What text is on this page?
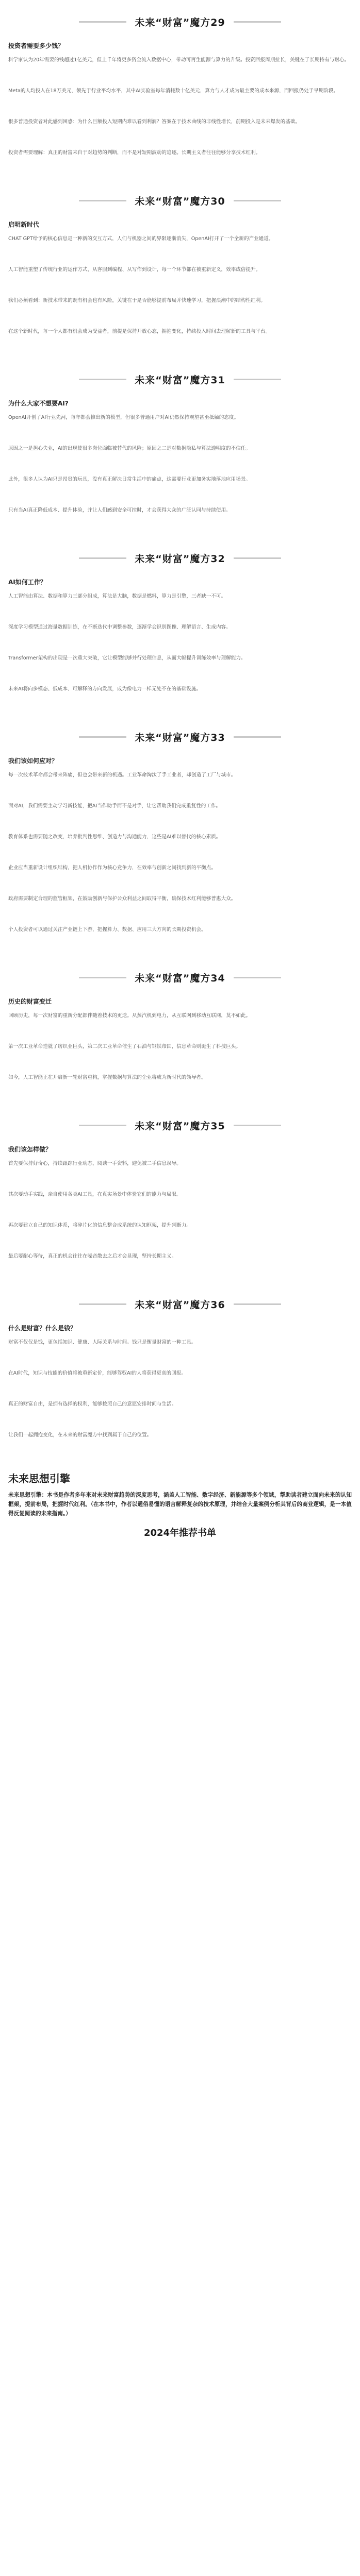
未来“财富”魔方29
投资者需要多少钱？

科学家认为20年需要的钱超过1亿美元，但上千年将更多资金流入数据中心，带动可再生能源与算力的升级。投资回报周期拉长，关键在于长期持有与耐心。

Meta的人均投入在18万美元，领先于行业平均水平，其中AI实验室每年消耗数十亿美元，算力与人才成为最主要的成本来源，而回报仍处于早期阶段。

很多普通投资者对此感到困惑：为什么巨额投入短期内难以看到利润？答案在于技术曲线的非线性增长，前期投入是未来爆发的基础。

投资者需要理解：真正的财富来自于对趋势的判断，而不是对短期波动的追逐。长期主义者往往能够分享技术红利。

未来“财富”魔方30
启明新时代

CHAT GPT给予的核心信息是一种新的交互方式，人们与机器之间的界限逐渐消失，OpenAI打开了一个全新的产业通道。

人工智能重塑了传统行业的运作方式，从客服到编程、从写作到设计，每一个环节都在被重新定义，效率成倍提升。

我们必须看到：新技术带来的既有机会也有风险，关键在于是否能够提前布局并快速学习，把握浪潮中的结构性红利。

在这个新时代，每一个人都有机会成为受益者，前提是保持开放心态，拥抱变化，持续投入时间去理解新的工具与平台。

未来“财富”魔方31
为什么大家不想要AI?

OpenAI开创了AI行业先河，每年都会推出新的模型，但很多普通用户对AI仍然保持观望甚至抵触的态度。

原因之一是担心失业，AI的出现使很多岗位面临被替代的风险；原因之二是对数据隐私与算法透明度的不信任。

此外，很多人认为AI只是昂贵的玩具，没有真正解决日常生活中的痛点，这需要行业更加务实地落地应用场景。

只有当AI真正降低成本、提升体验，并让人们感到安全可控时，才会获得大众的广泛认同与持续使用。

未来“财富”魔方32
AI如何工作？

人工智能由算法、数据和算力三部分组成，算法是大脑，数据是燃料，算力是引擎，三者缺一不可。

深度学习模型通过海量数据训练，在不断迭代中调整参数，逐渐学会识别图像、理解语言、生成内容。

Transformer架构的出现是一次重大突破，它让模型能够并行处理信息，从而大幅提升训练效率与理解能力。

未来AI将向多模态、低成本、可解释的方向发展，成为像电力一样无处不在的基础设施。

未来“财富”魔方33
我们该如何应对？

每一次技术革命都会带来阵痛，但也会带来新的机遇。工业革命淘汰了手工业者，却创造了工厂与城市。

面对AI，我们需要主动学习新技能，把AI当作助手而不是对手，让它帮助我们完成重复性的工作。

教育体系也需要随之改变，培养批判性思维、创造力与沟通能力，这些是AI难以替代的核心素质。

企业应当重新设计组织结构，把人机协作作为核心竞争力，在效率与创新之间找到新的平衡点。

政府需要制定合理的监管框架，在鼓励创新与保护公众利益之间取得平衡，确保技术红利能够普惠大众。

个人投资者可以通过关注产业链上下游，把握算力、数据、应用三大方向的长期投资机会。

未来“财富”魔方34
历史的财富变迁

回顾历史，每一次财富的重新分配都伴随着技术的更迭。从蒸汽机到电力，从互联网到移动互联网，莫不如此。

第一次工业革命造就了纺织业巨头，第二次工业革命催生了石油与钢铁帝国，信息革命则诞生了科技巨头。

如今，人工智能正在开启新一轮财富重构，掌握数据与算法的企业将成为新时代的领导者。

未来“财富”魔方35
我们该怎样做？

首先要保持好奇心，持续跟踪行业动态，阅读一手资料，避免被二手信息误导。

其次要动手实践，亲自使用各类AI工具，在真实场景中体验它们的能力与局限。

再次要建立自己的知识体系，将碎片化的信息整合成系统的认知框架，提升判断力。

最后要耐心等待，真正的机会往往在噪音散去之后才会显现，坚持长期主义。

未来“财富”魔方36
什么是财富？什么是钱？

财富不仅仅是钱，更包括知识、健康、人际关系与时间。钱只是衡量财富的一种工具。

在AI时代，知识与技能的价值将被重新定价，能够驾驭AI的人将获得更高的回报。

真正的财富自由，是拥有选择的权利，能够按照自己的意愿安排时间与生活。

让我们一起拥抱变化，在未来的财富魔方中找到属于自己的位置。

未来思想引擎
未来思想引擎：本书是作者多年来对未来财富趋势的深度思考，涵盖人工智能、数字经济、新能源等多个领域，帮助读者建立面向未来的认知框架，提前布局，把握时代红利。（在本书中，作者以通俗易懂的语言解释复杂的技术原理，并结合大量案例分析其背后的商业逻辑，是一本值得反复阅读的未来指南。）
2024年推荐书单
